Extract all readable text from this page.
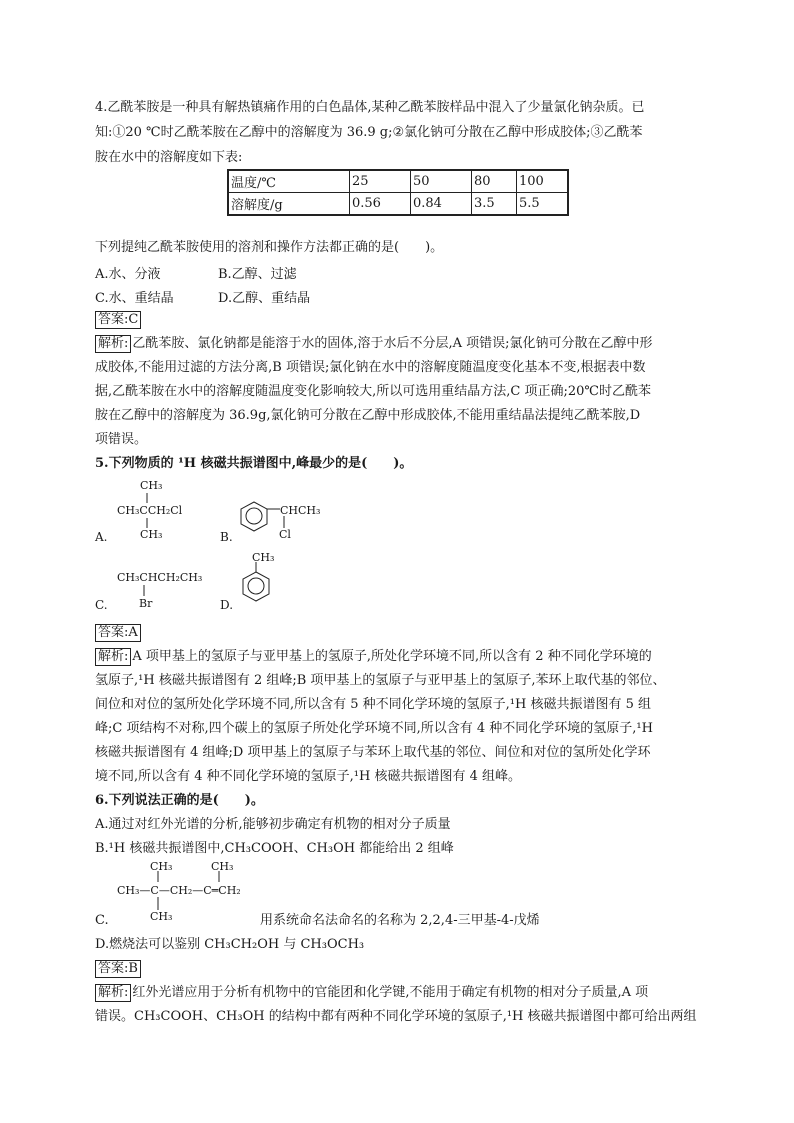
4.乙酰苯胺是一种具有解热镇痛作用的白色晶体,某种乙酰苯胺样品中混入了少量氯化钠杂质。已
知:①20 ℃时乙酰苯胺在乙醇中的溶解度为 36.9 g;②氯化钠可分散在乙醇中形成胶体;③乙酰苯
胺在水中的溶解度如下表:
温度/℃	25	50	80	100
溶解度/g	0.56	0.84	3.5	5.5
下列提纯乙酰苯胺使用的溶剂和操作方法都正确的是(　　)。
A.水、分液	B.乙醇、过滤
C.水、重结晶	D.乙醇、重结晶
答案:C
解析: 乙酰苯胺、氯化钠都是能溶于水的固体,溶于水后不分层,A 项错误;氯化钠可分散在乙醇中形
成胶体,不能用过滤的方法分离,B 项错误;氯化钠在水中的溶解度随温度变化基本不变,根据表中数
据,乙酰苯胺在水中的溶解度随温度变化影响较大,所以可选用重结晶方法,C 项正确;20℃时乙酰苯
胺在乙醇中的溶解度为 36.9g,氯化钠可分散在乙醇中形成胶体,不能用重结晶法提纯乙酰苯胺,D
项错误。
5.下列物质的 ¹H 核磁共振谱图中,峰最少的是(　　)。
CH₃
CH₃CCH₂Cl
CH₃
A.
CHCH₃
Cl
B.
CH₃CHCH₂CH₃
Br
C.
CH₃
D.
答案:A
解析: A 项甲基上的氢原子与亚甲基上的氢原子,所处化学环境不同,所以含有 2 种不同化学环境的
氢原子,¹H 核磁共振谱图有 2 组峰;B 项甲基上的氢原子与亚甲基上的氢原子,苯环上取代基的邻位、
间位和对位的氢所处化学环境不同,所以含有 5 种不同化学环境的氢原子,¹H 核磁共振谱图有 5 组
峰;C 项结构不对称,四个碳上的氢原子所处化学环境不同,所以含有 4 种不同化学环境的氢原子,¹H
核磁共振谱图有 4 组峰;D 项甲基上的氢原子与苯环上取代基的邻位、间位和对位的氢所处化学环
境不同,所以含有 4 种不同化学环境的氢原子,¹H 核磁共振谱图有 4 组峰。
6.下列说法正确的是(　　)。
A.通过对红外光谱的分析,能够初步确定有机物的相对分子质量
B.¹H 核磁共振谱图中,CH₃COOH、CH₃OH 都能给出 2 组峰
CH₃	CH₃
CH₃—C—CH₂—C═CH₂
CH₃
C.	用系统命名法命名的名称为 2,2,4-三甲基-4-戊烯
D.燃烧法可以鉴别 CH₃CH₂OH 与 CH₃OCH₃
答案:B
解析: 红外光谱应用于分析有机物中的官能团和化学键,不能用于确定有机物的相对分子质量,A 项
错误。CH₃COOH、CH₃OH 的结构中都有两种不同化学环境的氢原子,¹H 核磁共振谱图中都可给出两组
